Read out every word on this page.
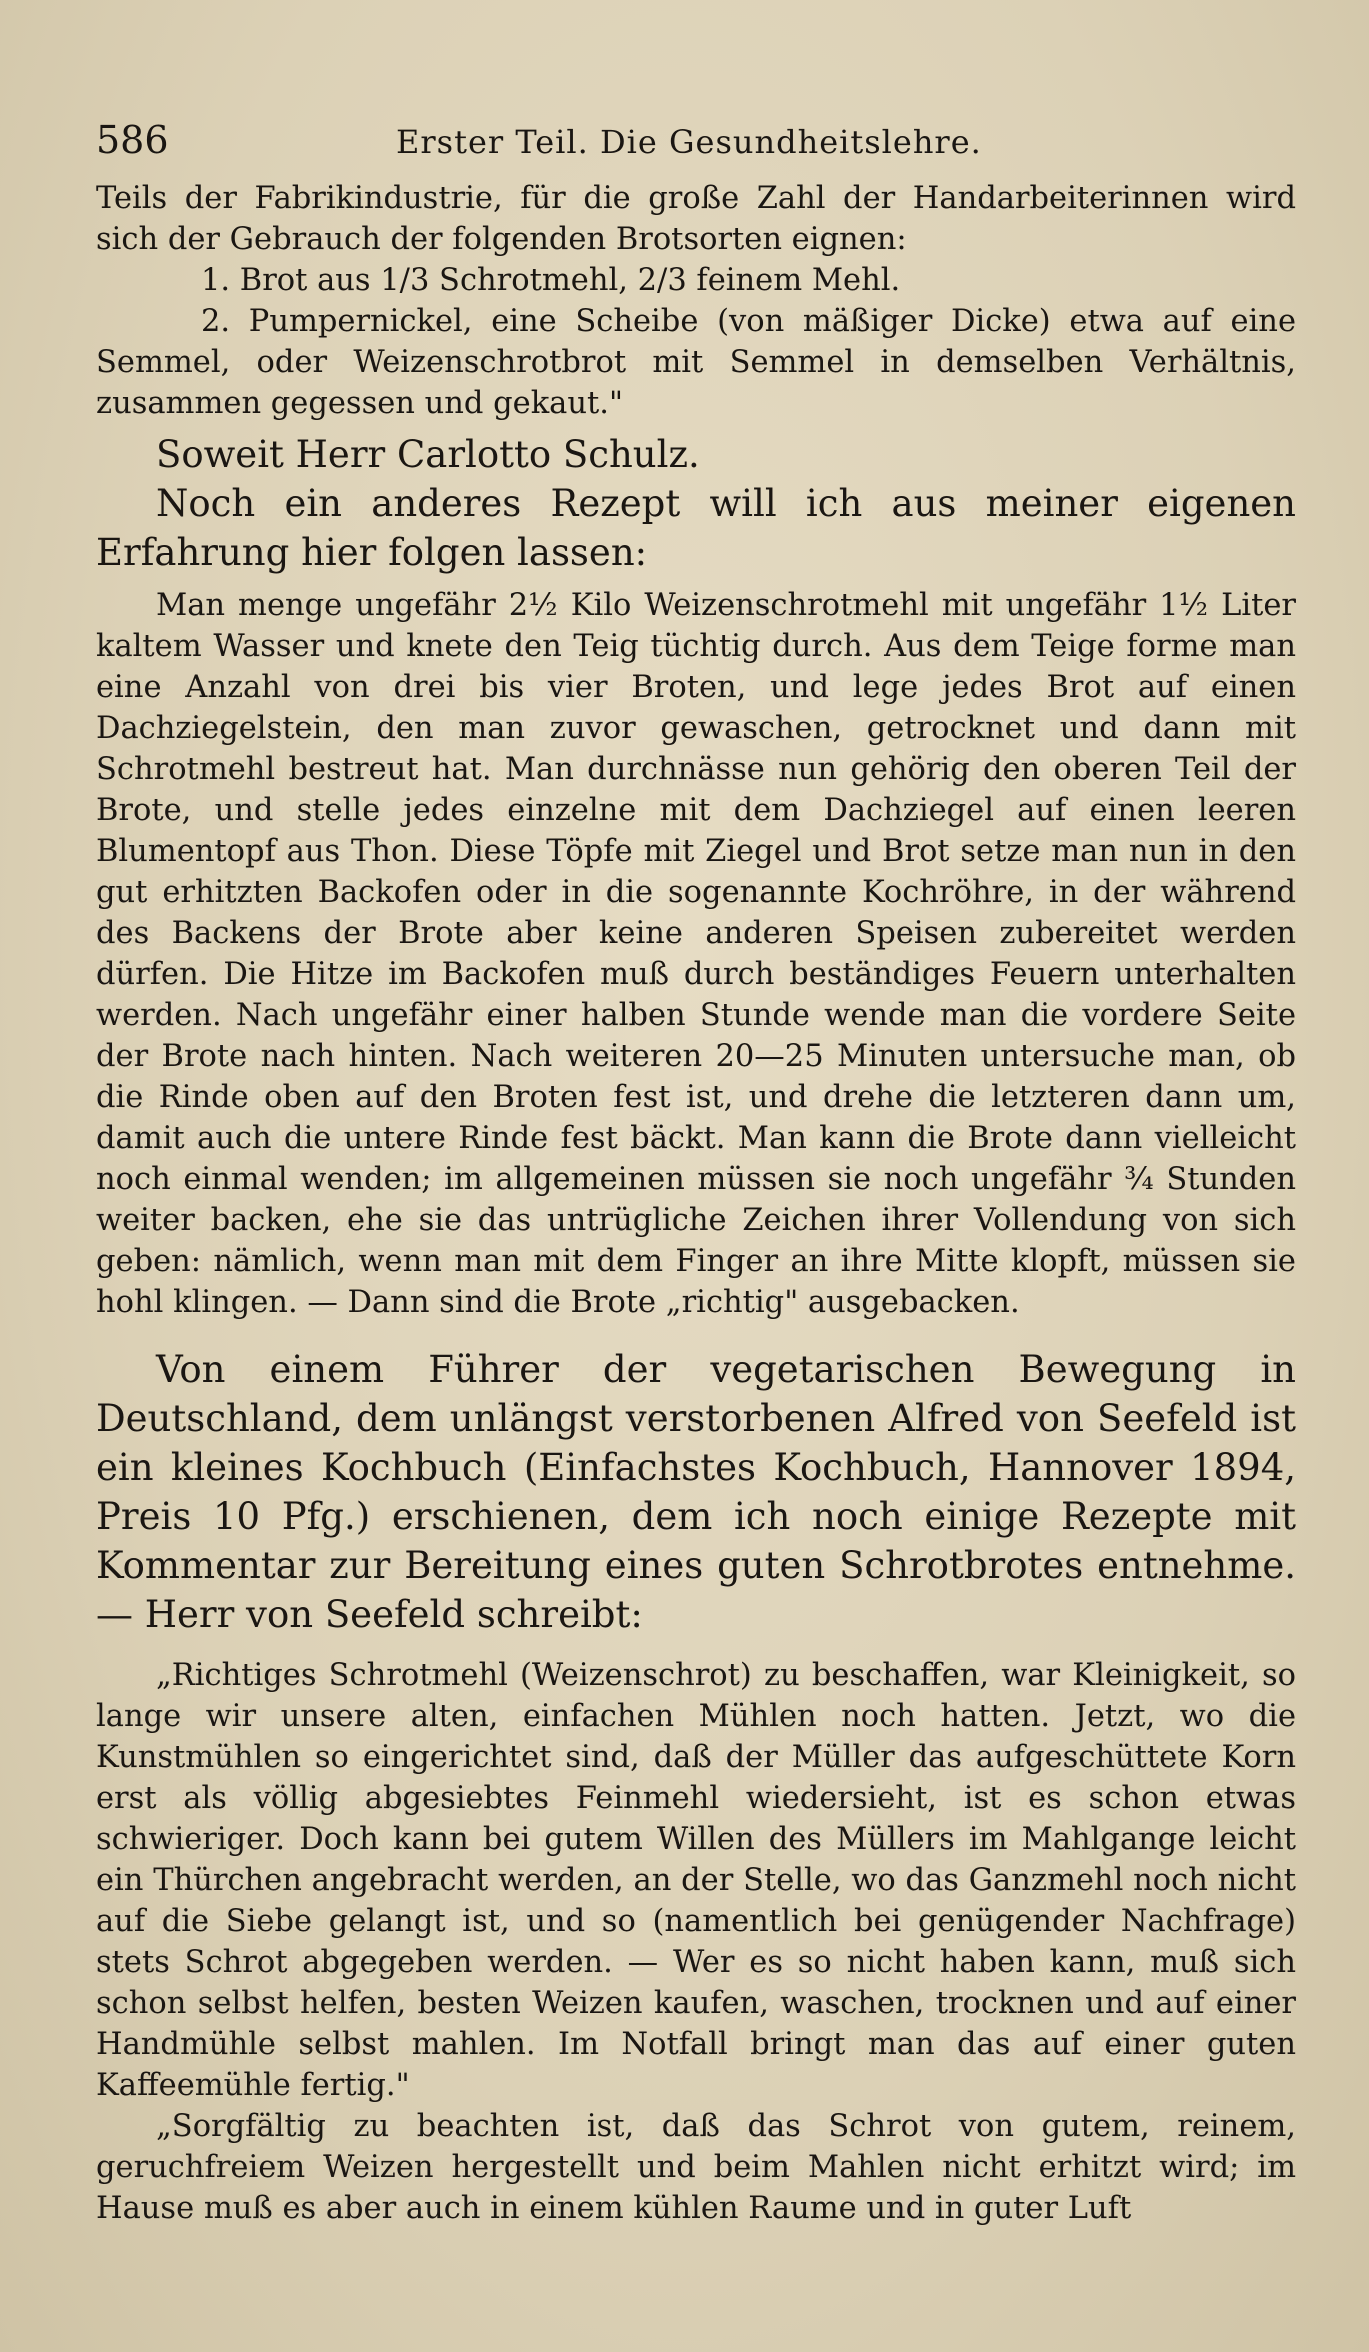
586	Erster Teil. Die Gesundheitslehre.

Teils der Fabrikindustrie, für die große Zahl der Handarbeiterinnen wird sich der Gebrauch der folgenden Brotsorten eignen:

1. Brot aus 1/3 Schrotmehl, 2/3 feinem Mehl.

2. Pumpernickel, eine Scheibe (von mäßiger Dicke) etwa auf eine Semmel, oder Weizenschrotbrot mit Semmel in demselben Verhältnis, zusammen gegessen und gekaut."

Soweit Herr Carlotto Schulz.

Noch ein anderes Rezept will ich aus meiner eigenen Erfahrung hier folgen lassen:

Man menge ungefähr 2½ Kilo Weizenschrotmehl mit ungefähr 1½ Liter kaltem Wasser und knete den Teig tüchtig durch. Aus dem Teige forme man eine Anzahl von drei bis vier Broten, und lege jedes Brot auf einen Dachziegelstein, den man zuvor gewaschen, getrocknet und dann mit Schrotmehl bestreut hat. Man durchnässe nun gehörig den oberen Teil der Brote, und stelle jedes einzelne mit dem Dachziegel auf einen leeren Blumentopf aus Thon. Diese Töpfe mit Ziegel und Brot setze man nun in den gut erhitzten Backofen oder in die sogenannte Kochröhre, in der während des Backens der Brote aber keine anderen Speisen zubereitet werden dürfen. Die Hitze im Backofen muß durch beständiges Feuern unterhalten werden. Nach ungefähr einer halben Stunde wende man die vordere Seite der Brote nach hinten. Nach weiteren 20—25 Minuten untersuche man, ob die Rinde oben auf den Broten fest ist, und drehe die letzteren dann um, damit auch die untere Rinde fest bäckt. Man kann die Brote dann vielleicht noch einmal wenden; im allgemeinen müssen sie noch ungefähr ¾ Stunden weiter backen, ehe sie das untrügliche Zeichen ihrer Vollendung von sich geben: nämlich, wenn man mit dem Finger an ihre Mitte klopft, müssen sie hohl klingen. — Dann sind die Brote „richtig" ausgebacken.

Von einem Führer der vegetarischen Bewegung in Deutschland, dem unlängst verstorbenen Alfred von Seefeld ist ein kleines Kochbuch (Einfachstes Kochbuch, Hannover 1894, Preis 10 Pfg.) erschienen, dem ich noch einige Rezepte mit Kommentar zur Bereitung eines guten Schrotbrotes entnehme. — Herr von Seefeld schreibt:

„Richtiges Schrotmehl (Weizenschrot) zu beschaffen, war Kleinigkeit, so lange wir unsere alten, einfachen Mühlen noch hatten. Jetzt, wo die Kunstmühlen so eingerichtet sind, daß der Müller das aufgeschüttete Korn erst als völlig abgesiebtes Feinmehl wiedersieht, ist es schon etwas schwieriger. Doch kann bei gutem Willen des Müllers im Mahlgange leicht ein Thürchen angebracht werden, an der Stelle, wo das Ganzmehl noch nicht auf die Siebe gelangt ist, und so (namentlich bei genügender Nachfrage) stets Schrot abgegeben werden. — Wer es so nicht haben kann, muß sich schon selbst helfen, besten Weizen kaufen, waschen, trocknen und auf einer Handmühle selbst mahlen. Im Notfall bringt man das auf einer guten Kaffeemühle fertig."

„Sorgfältig zu beachten ist, daß das Schrot von gutem, reinem, geruchfreiem Weizen hergestellt und beim Mahlen nicht erhitzt wird; im Hause muß es aber auch in einem kühlen Raume und in guter Luft
